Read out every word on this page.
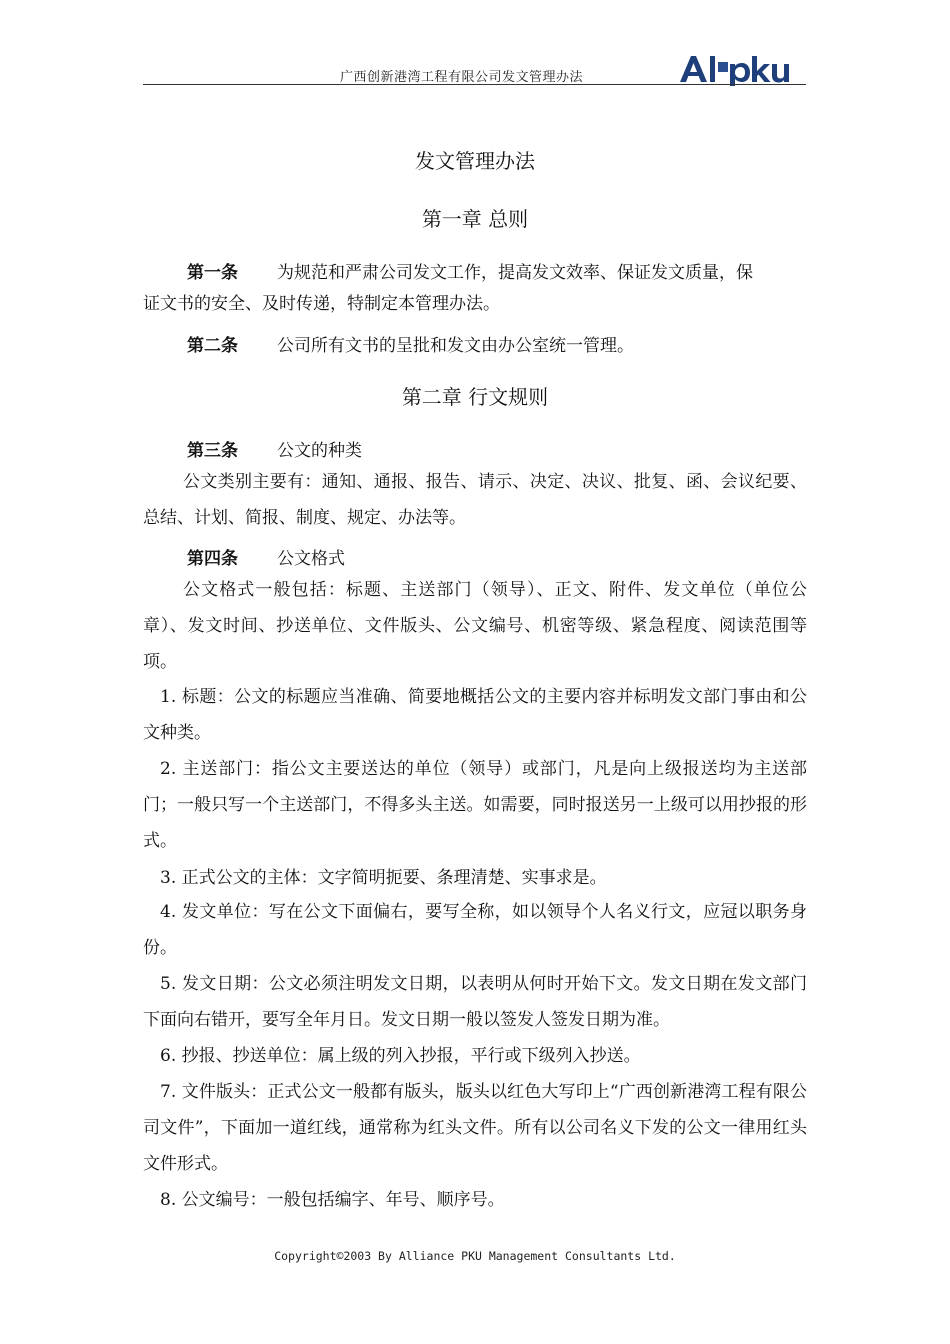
广西创新港湾工程有限公司发文管理办法
发文管理办法
第一章 总则
第一条 为规范和严肃公司发文工作，提高发文效率、保证发文质量，保
证文书的安全、及时传递，特制定本管理办法。
第二条 公司所有文书的呈批和发文由办公室统一管理。
第二章 行文规则
第三条 公文的种类
公文类别主要有：通知、通报、报告、请示、决定、决议、批复、函、会议纪要、总结、计划、简报、制度、规定、办法等。
第四条 公文格式
公文格式一般包括：标题、主送部门（领导）、正文、附件、发文单位（单位公章）、发文时间、抄送单位、文件版头、公文编号、机密等级、紧急程度、阅读范围等项。
1. 标题：公文的标题应当准确、简要地概括公文的主要内容并标明发文部门事由和公文种类。
2. 主送部门：指公文主要送达的单位（领导）或部门，凡是向上级报送均为主送部门；一般只写一个主送部门，不得多头主送。如需要，同时报送另一上级可以用抄报的形式。
3. 正式公文的主体：文字简明扼要、条理清楚、实事求是。
4. 发文单位：写在公文下面偏右，要写全称，如以领导个人名义行文，应冠以职务身份。
5. 发文日期：公文必须注明发文日期，以表明从何时开始下文。发文日期在发文部门下面向右错开，要写全年月日。发文日期一般以签发人签发日期为准。
6. 抄报、抄送单位：属上级的列入抄报，平行或下级列入抄送。
7. 文件版头：正式公文一般都有版头，版头以红色大写印上“广西创新港湾工程有限公司文件”，下面加一道红线，通常称为红头文件。所有以公司名义下发的公文一律用红头文件形式。
8. 公文编号：一般包括编字、年号、顺序号。
Copyright©2003 By Alliance PKU Management Consultants Ltd.
